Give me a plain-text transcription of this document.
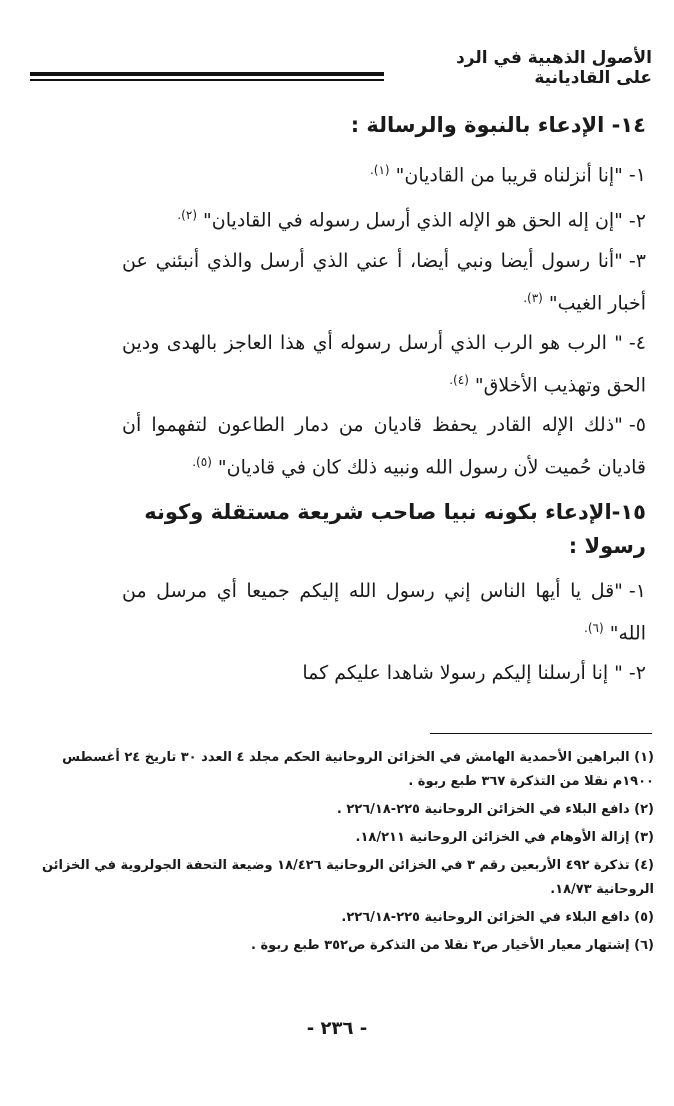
الأصول الذهبية في الرد على القاديانية
١٤- الإدعاء بالنبوة والرسالة :

١-"إنا أنزلناه قريبا من القاديان" $^{(١).}$

٢-"إن إله الحق هو الإله الذي أرسل رسوله في القاديان" $^{(٢).}$

٣-"أنا رسول أيضا ونبي أيضا، أ عني الذي أرسل والذي أنبئني عن أخبار الغيب" $^{(٣).}$

٤-" الرب هو الرب الذي أرسل رسوله أي هذا العاجز بالهدى ودين الحق وتهذيب الأخلاق" $^{(٤).}$

٥-"ذلك الإله القادر يحفظ قاديان من دمار الطاعون لتفهموا أن قاديان حُميت لأن رسول الله ونبيه ذلك كان في قاديان" $^{(٥).}$

١٥-الإدعاء بكونه نبيا صاحب شريعة مستقلة وكونه رسولا :

١-"قل يا أيها الناس إني رسول الله إليكم جميعا أي مرسل من الله" $^{(٦).}$

٢-" إنا أرسلنا إليكم رسولا شاهدا عليكم كما

(١) البراهين الأحمدية الهامش في الخزائن الروحانية الحكم مجلد ٤ العدد ٣٠ تاريخ ٢٤ أغسطس ١٩٠٠م نقلا من التذكرة ٣٦٧ طبع ربوة .

(٢) دافع البلاء في الخزائن الروحانية ٢٢٥-٢٢٦/١٨ .

(٣) إزالة الأوهام في الخزائن الروحانية ١٨/٢١١.

(٤) تذكرة ٤٩٢ الأربعين رقم ٣ في الخزائن الروحانية ١٨/٤٢٦ وضيعة التحفة الجولروية في الخزائن الروحانية ١٨/٧٣.

(٥) دافع البلاء في الخزائن الروحانية ٢٢٥-٢٢٦/١٨.

(٦) إشتهار معيار الأخيار ص٣ نقلا من التذكرة ص٣٥٢ طبع ربوة .

- ٢٣٦ -
